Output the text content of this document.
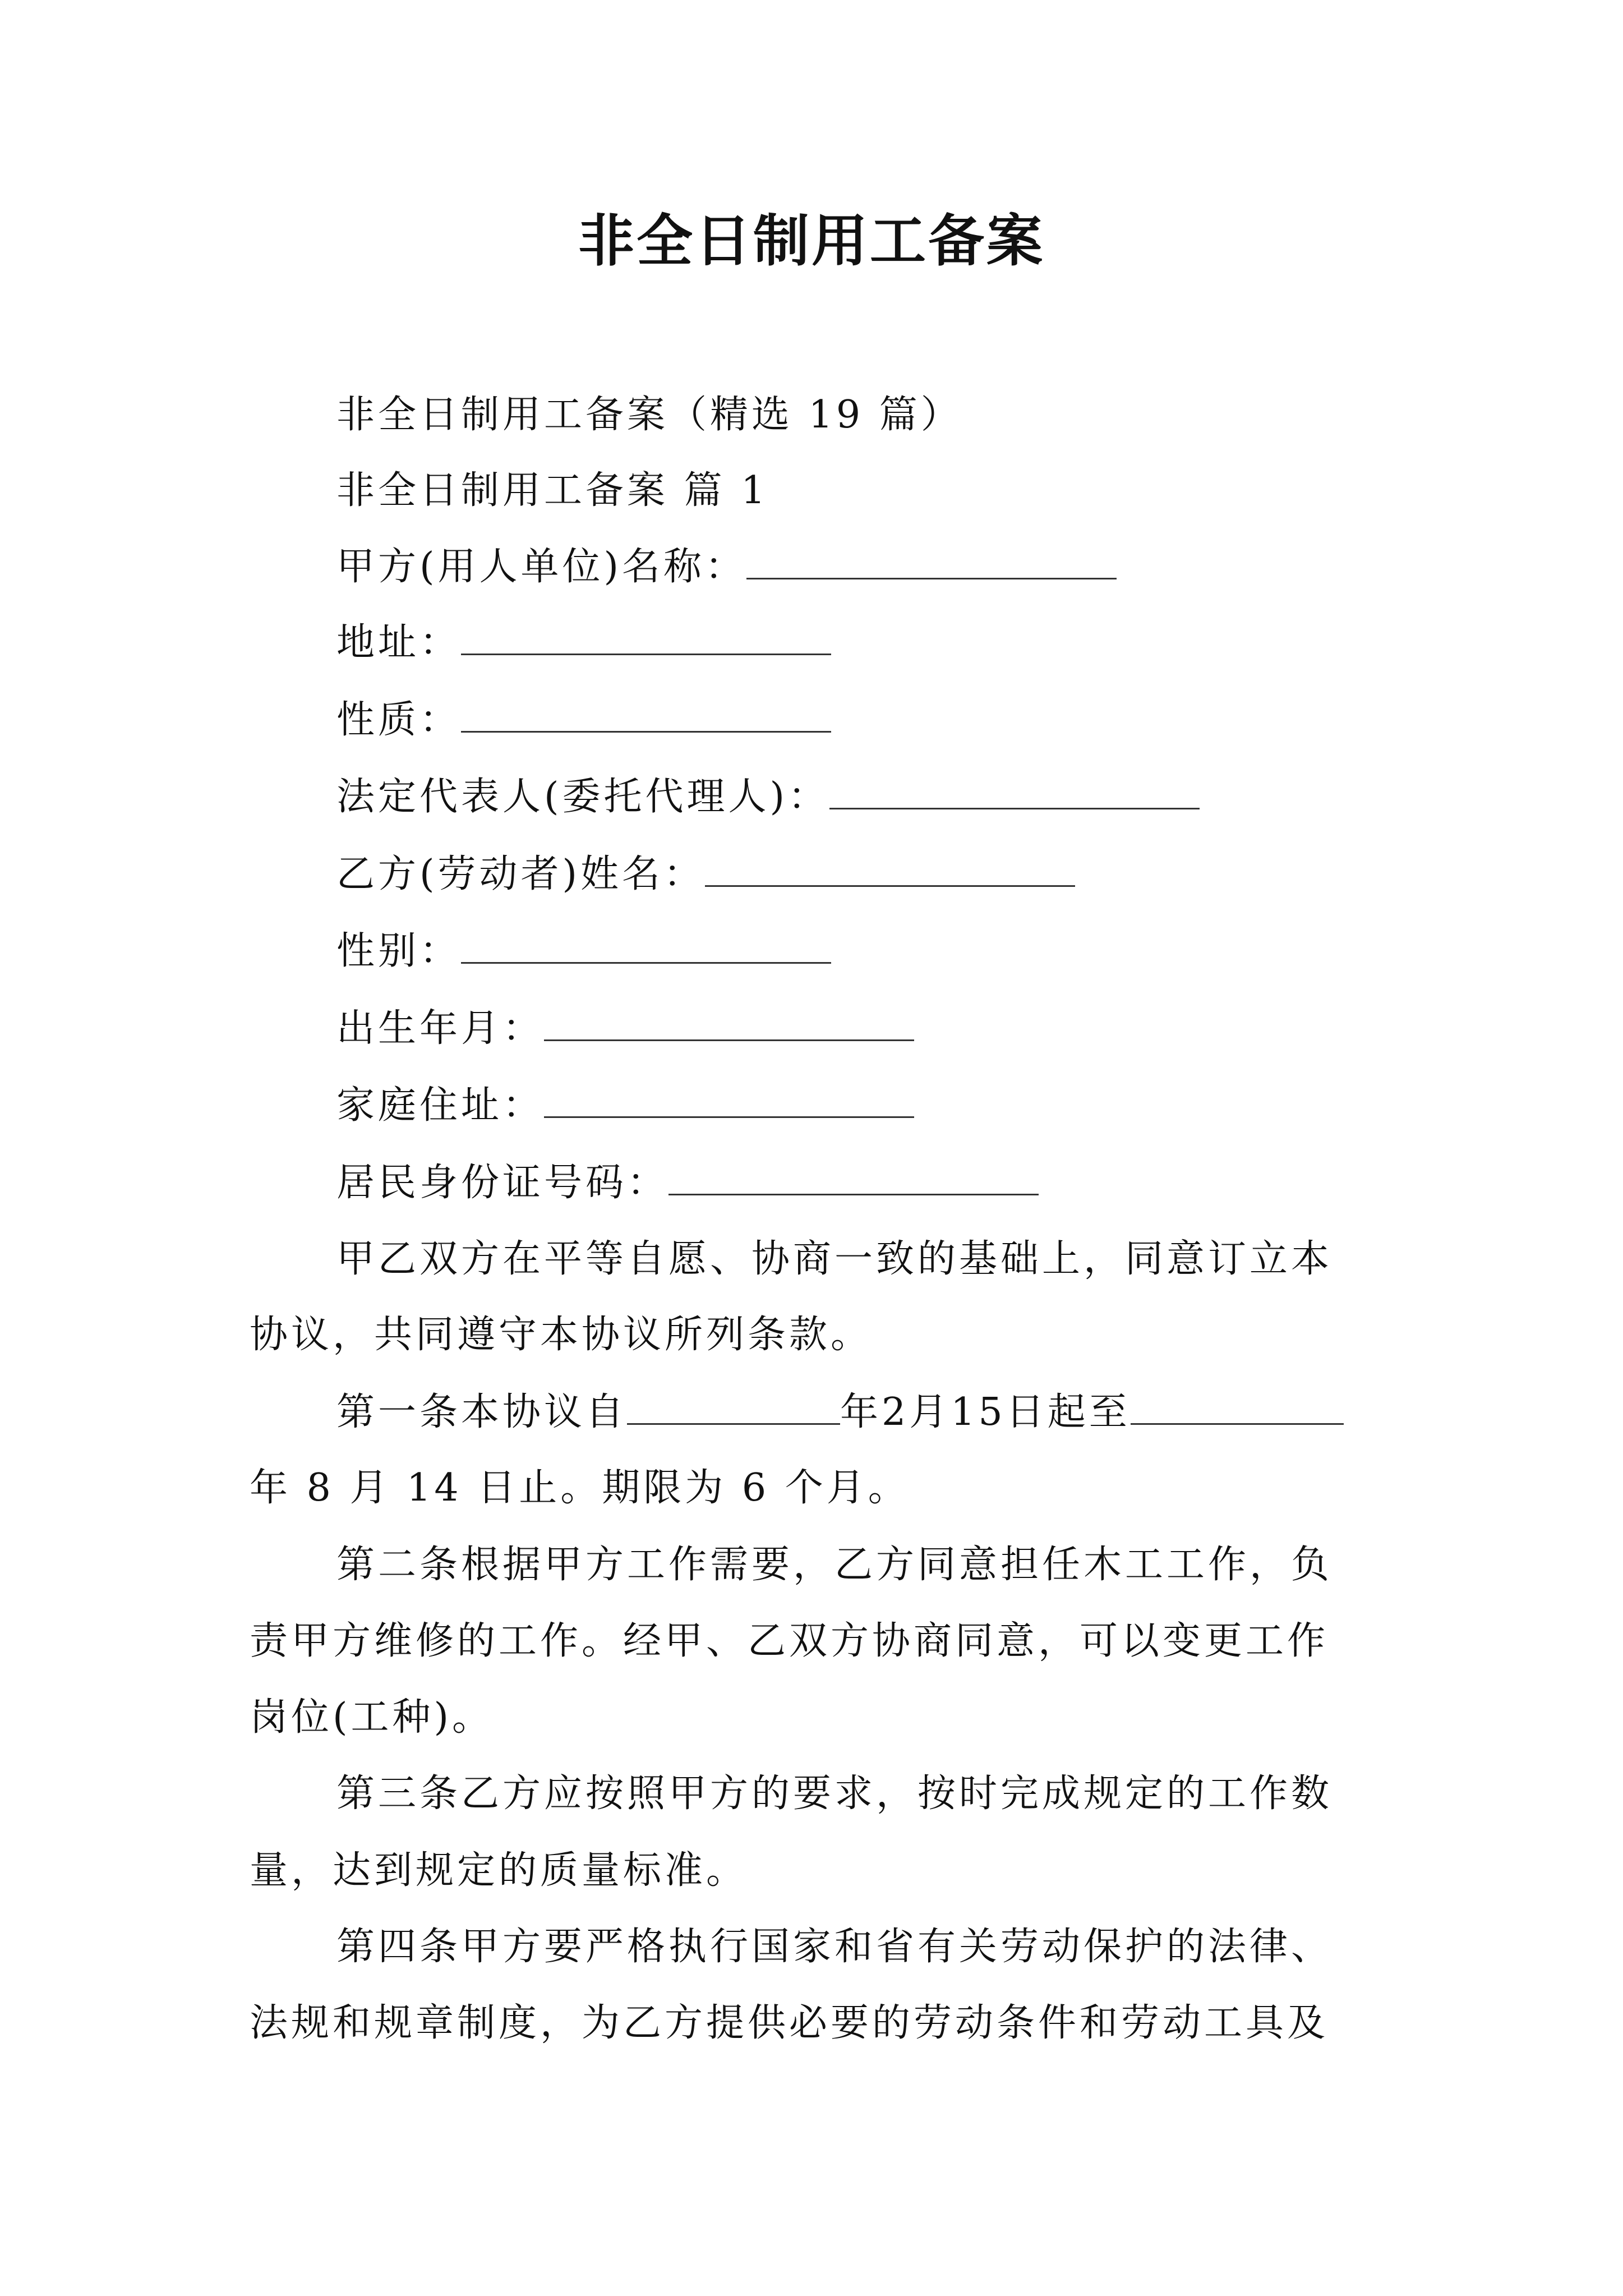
非全日制用工备案
非全日制用工备案（精选 19 篇）
非全日制用工备案 篇 1
甲方(用人单位)名称：
地址：
性质：
法定代表人(委托代理人)：
乙方(劳动者)姓名：
性别：
出生年月：
家庭住址：
居民身份证号码：
甲乙双方在平等自愿、协商一致的基础上，同意订立本
协议，共同遵守本协议所列条款。
第一条本协议自	年2月15日起至
年 8 月 14 日止。期限为 6 个月。
第二条根据甲方工作需要，乙方同意担任木工工作，负
责甲方维修的工作。经甲、乙双方协商同意，可以变更工作
岗位(工种)。
第三条乙方应按照甲方的要求，按时完成规定的工作数
量，达到规定的质量标准。
第四条甲方要严格执行国家和省有关劳动保护的法律、
法规和规章制度，为乙方提供必要的劳动条件和劳动工具及
